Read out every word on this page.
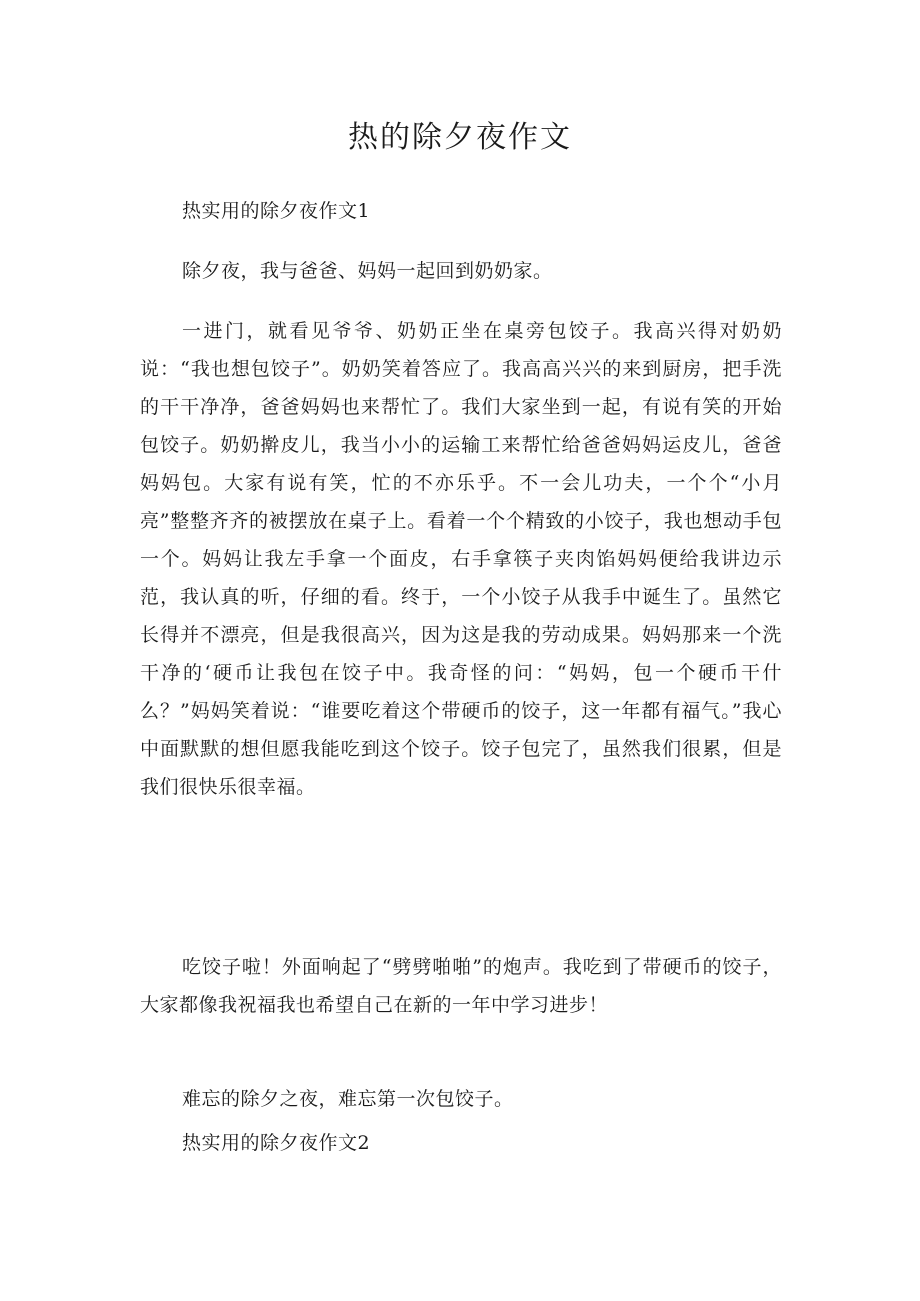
热的除夕夜作文

热实用的除夕夜作文1

除夕夜，我与爸爸、妈妈一起回到奶奶家。

一进门，就看见爷爷、奶奶正坐在桌旁包饺子。我高兴得对奶奶说：“我也想包饺子”。奶奶笑着答应了。我高高兴兴的来到厨房，把手洗的干干净净，爸爸妈妈也来帮忙了。我们大家坐到一起，有说有笑的开始包饺子。奶奶擀皮儿，我当小小的运输工来帮忙给爸爸妈妈运皮儿，爸爸妈妈包。大家有说有笑，忙的不亦乐乎。不一会儿功夫，一个个“小月亮”整整齐齐的被摆放在桌子上。看着一个个精致的小饺子，我也想动手包一个。妈妈让我左手拿一个面皮，右手拿筷子夹肉馅妈妈便给我讲边示范，我认真的听，仔细的看。终于，一个小饺子从我手中诞生了。虽然它长得并不漂亮，但是我很高兴，因为这是我的劳动成果。妈妈那来一个洗干净的‘硬币让我包在饺子中。我奇怪的问：“妈妈，包一个硬币干什么？”妈妈笑着说：“谁要吃着这个带硬币的饺子，这一年都有福气。”我心中面默默的想但愿我能吃到这个饺子。饺子包完了，虽然我们很累，但是我们很快乐很幸福。

吃饺子啦！外面响起了“劈劈啪啪”的炮声。我吃到了带硬币的饺子，大家都像我祝福我也希望自己在新的一年中学习进步！

难忘的除夕之夜，难忘第一次包饺子。

热实用的除夕夜作文2
